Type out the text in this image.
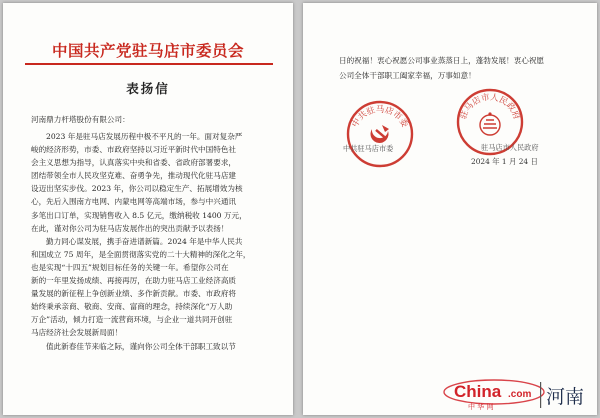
中国共产党驻马店市委员会
表扬信
河南鼎力杆塔股份有限公司：
2023 年是驻马店发展历程中极不平凡的一年。面对复杂严
峻的经济形势，市委、市政府坚持以习近平新时代中国特色社
会主义思想为指导，认真落实中央和省委、省政府部署要求，
团结带领全市人民攻坚克难、奋勇争先，推动现代化驻马店建
设迈出坚实步伐。2023 年，你公司以稳定生产、拓展增效为核
心，先后入围南方电网、内蒙电网等高端市场，参与中兴通讯
多笔出口订单，实现销售收入 8.5 亿元，缴纳税收 1400 万元，
在此，谨对你公司为驻马店发展作出的突出贡献予以表扬！
勤力同心谋发展，携手奋进谱新篇。2024 年是中华人民共
和国成立 75 周年，是全面贯彻落实党的二十大精神的深化之年，
也是实现“十四五”规划目标任务的关键一年。希望你公司在
新的一年里发扬成绩、再接再厉，在助力驻马店工业经济高质
量发展的新征程上争创新业绩、多作新贡献。市委、市政府将
始终秉承亲商、敬商、安商、富商的理念，持续深化“万人助
万企”活动，倾力打造一流营商环境，与企业一道共同开创驻
马店经济社会发展新局面！
值此新春佳节来临之际，谨向你公司全体干部职工致以节
日的祝福！衷心祝愿公司事业蒸蒸日上，蓬勃发展！衷心祝愿
公司全体干部职工阖家幸福，万事如意！
中共驻马店市委
驻马店市人民政府
中共驻马店市委	驻马店市人民政府
2024 年 1 月 24 日
China .com
中 华 网	河南
